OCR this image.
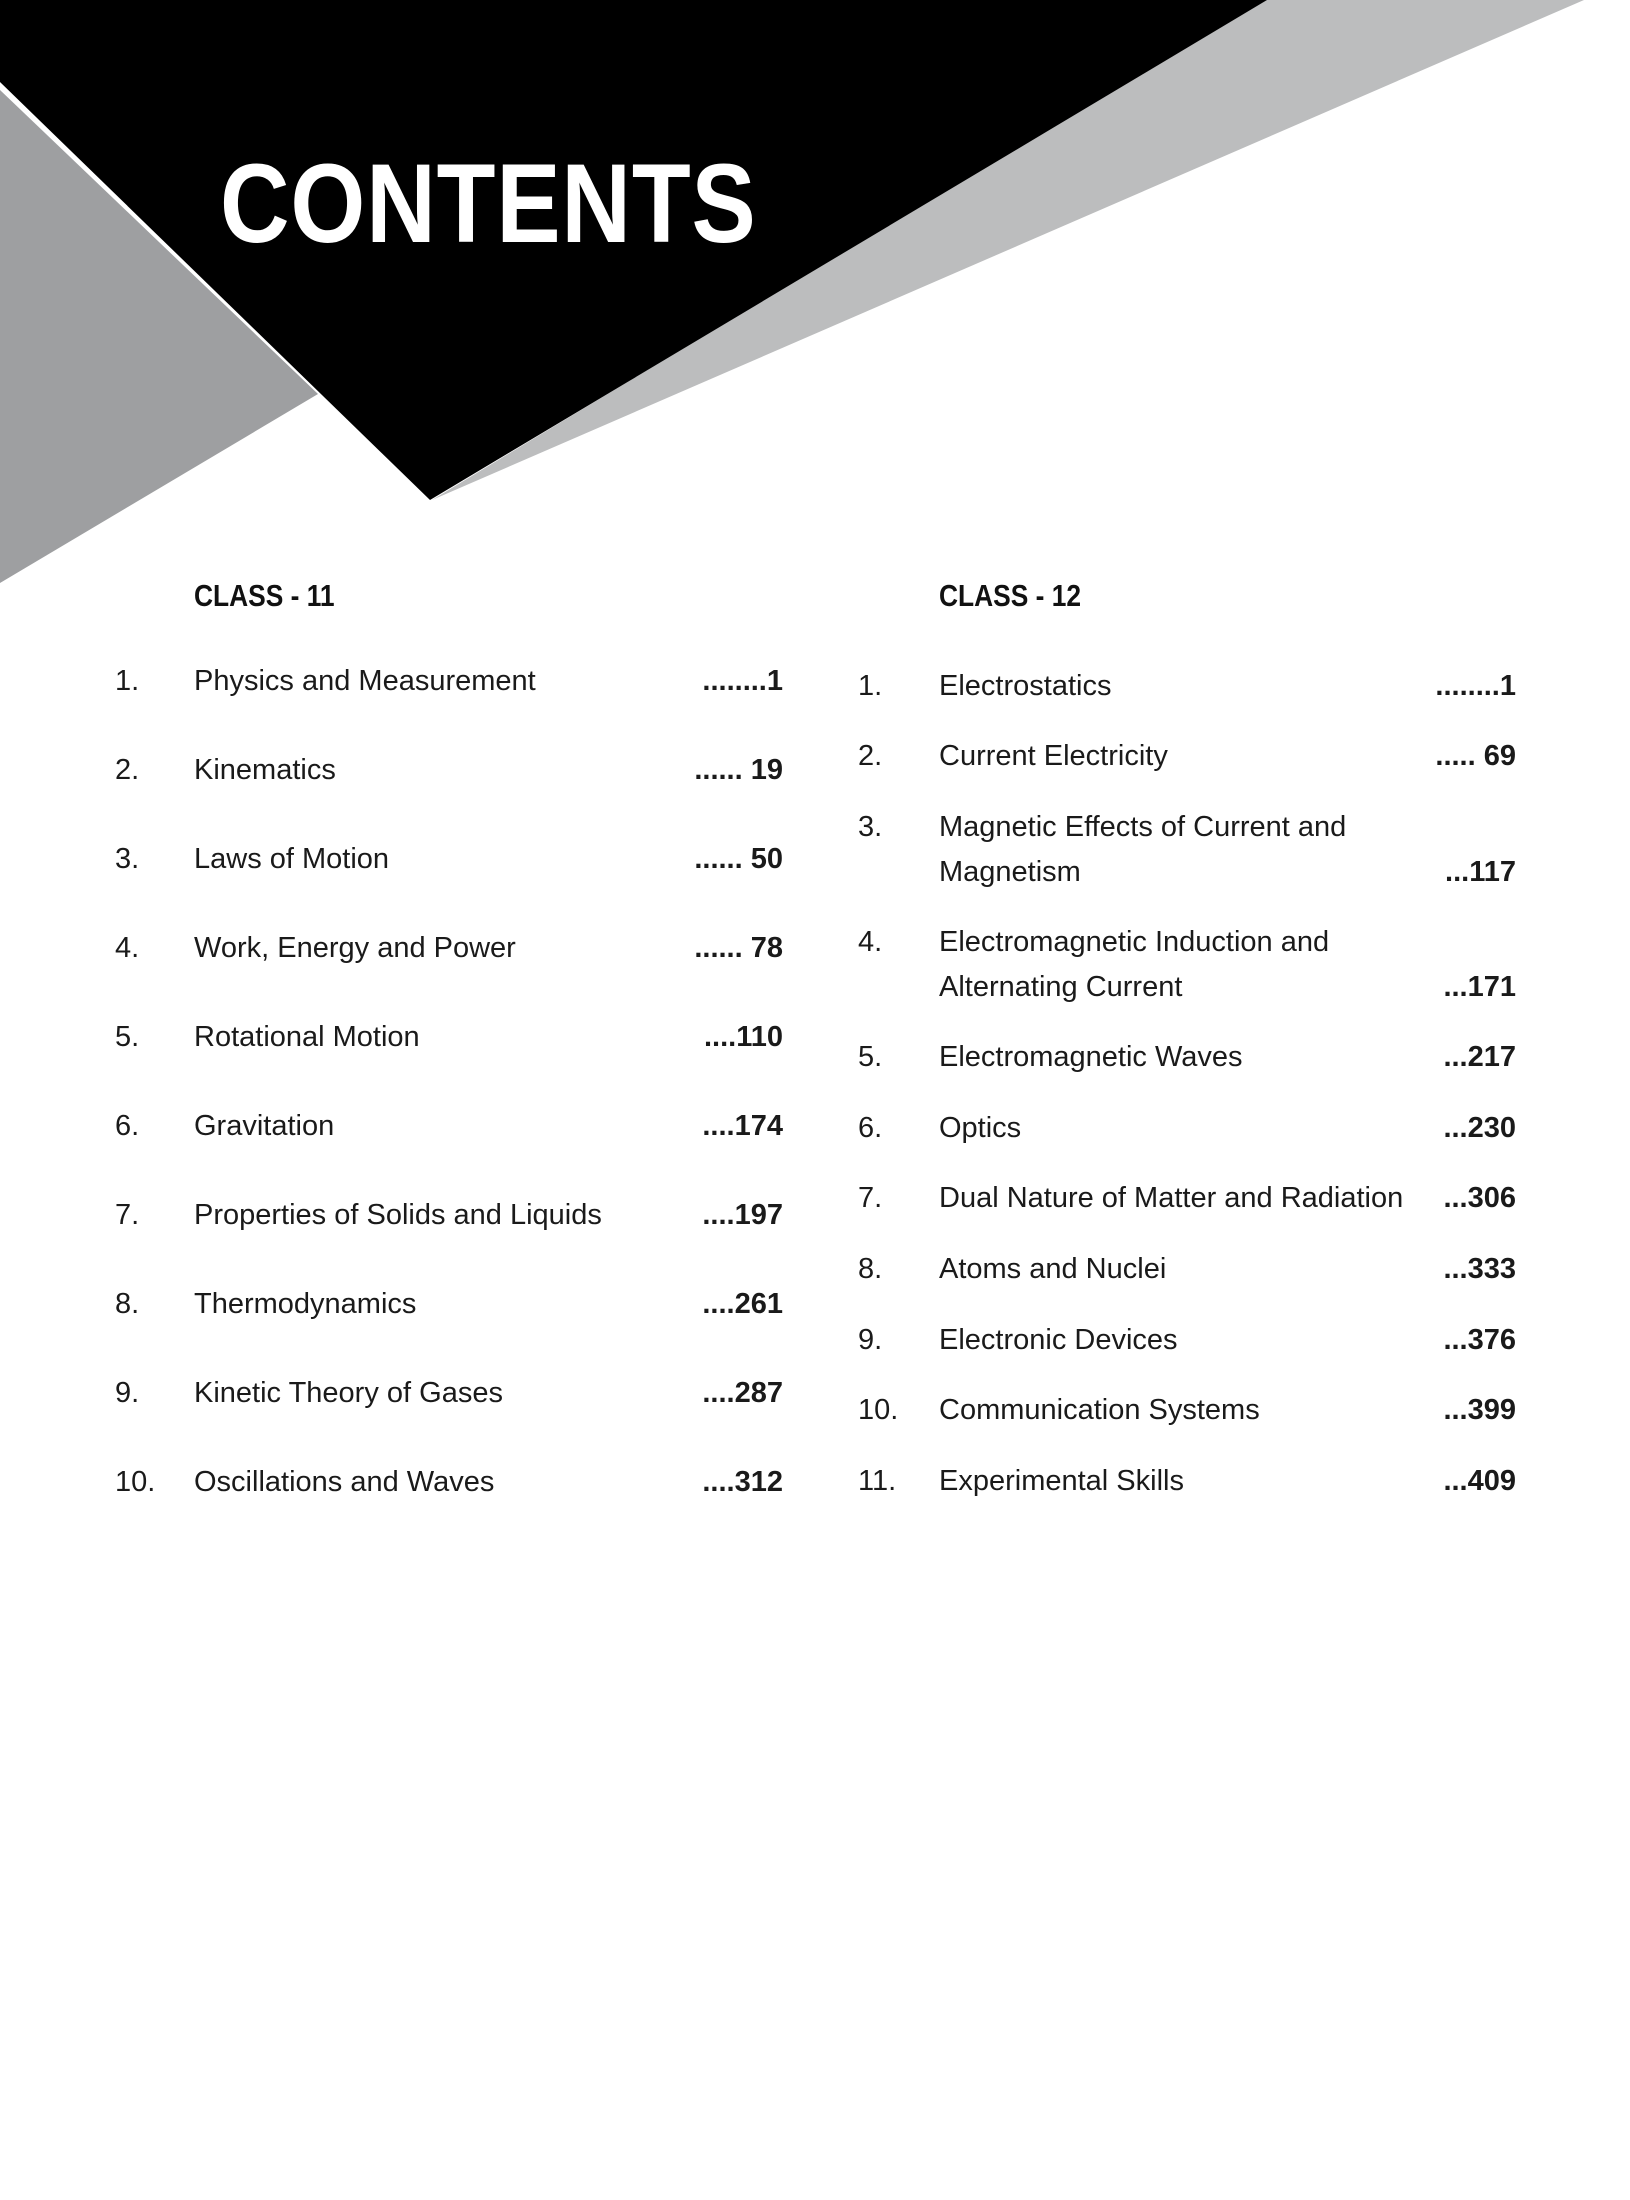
CONTENTS
CLASS - 11
1. Physics and Measurement	........1
2. Kinematics	...... 19
3. Laws of Motion	...... 50
4. Work, Energy and Power	...... 78
5. Rotational Motion	....110
6. Gravitation	....174
7. Properties of Solids and Liquids	....197
8. Thermodynamics	....261
9. Kinetic Theory of Gases	....287
10. Oscillations and Waves	....312
CLASS - 12
1. Electrostatics	........1
2. Current Electricity	..... 69
3. Magnetic Effects of Current and Magnetism	...117
4. Electromagnetic Induction and Alternating Current	...171
5. Electromagnetic Waves	...217
6. Optics	...230
7. Dual Nature of Matter and Radiation ...306
8. Atoms and Nuclei	...333
9. Electronic Devices	...376
10. Communication Systems	...399
11. Experimental Skills	...409
